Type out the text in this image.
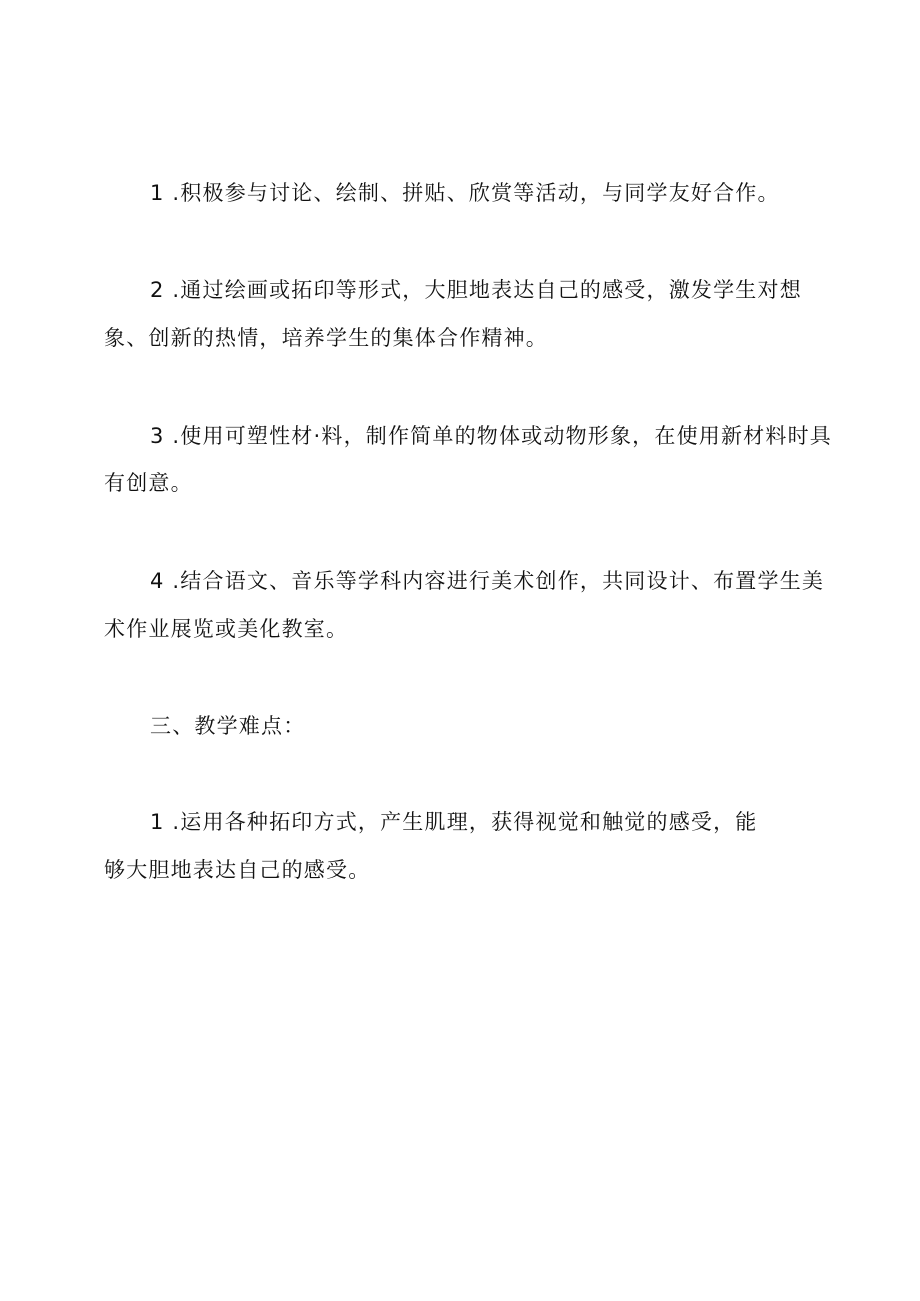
1 .积极参与讨论、绘制、拼贴、欣赏等活动，与同学友好合作。
2 .通过绘画或拓印等形式，大胆地表达自己的感受，激发学生对想
象、创新的热情，培养学生的集体合作精神。
3 .使用可塑性材·料，制作简单的物体或动物形象，在使用新材料时具
有创意。
4 .结合语文、音乐等学科内容进行美术创作，共同设计、布置学生美
术作业展览或美化教室。
三、教学难点：
1 .运用各种拓印方式，产生肌理，获得视觉和触觉的感受，能
够大胆地表达自己的感受。
